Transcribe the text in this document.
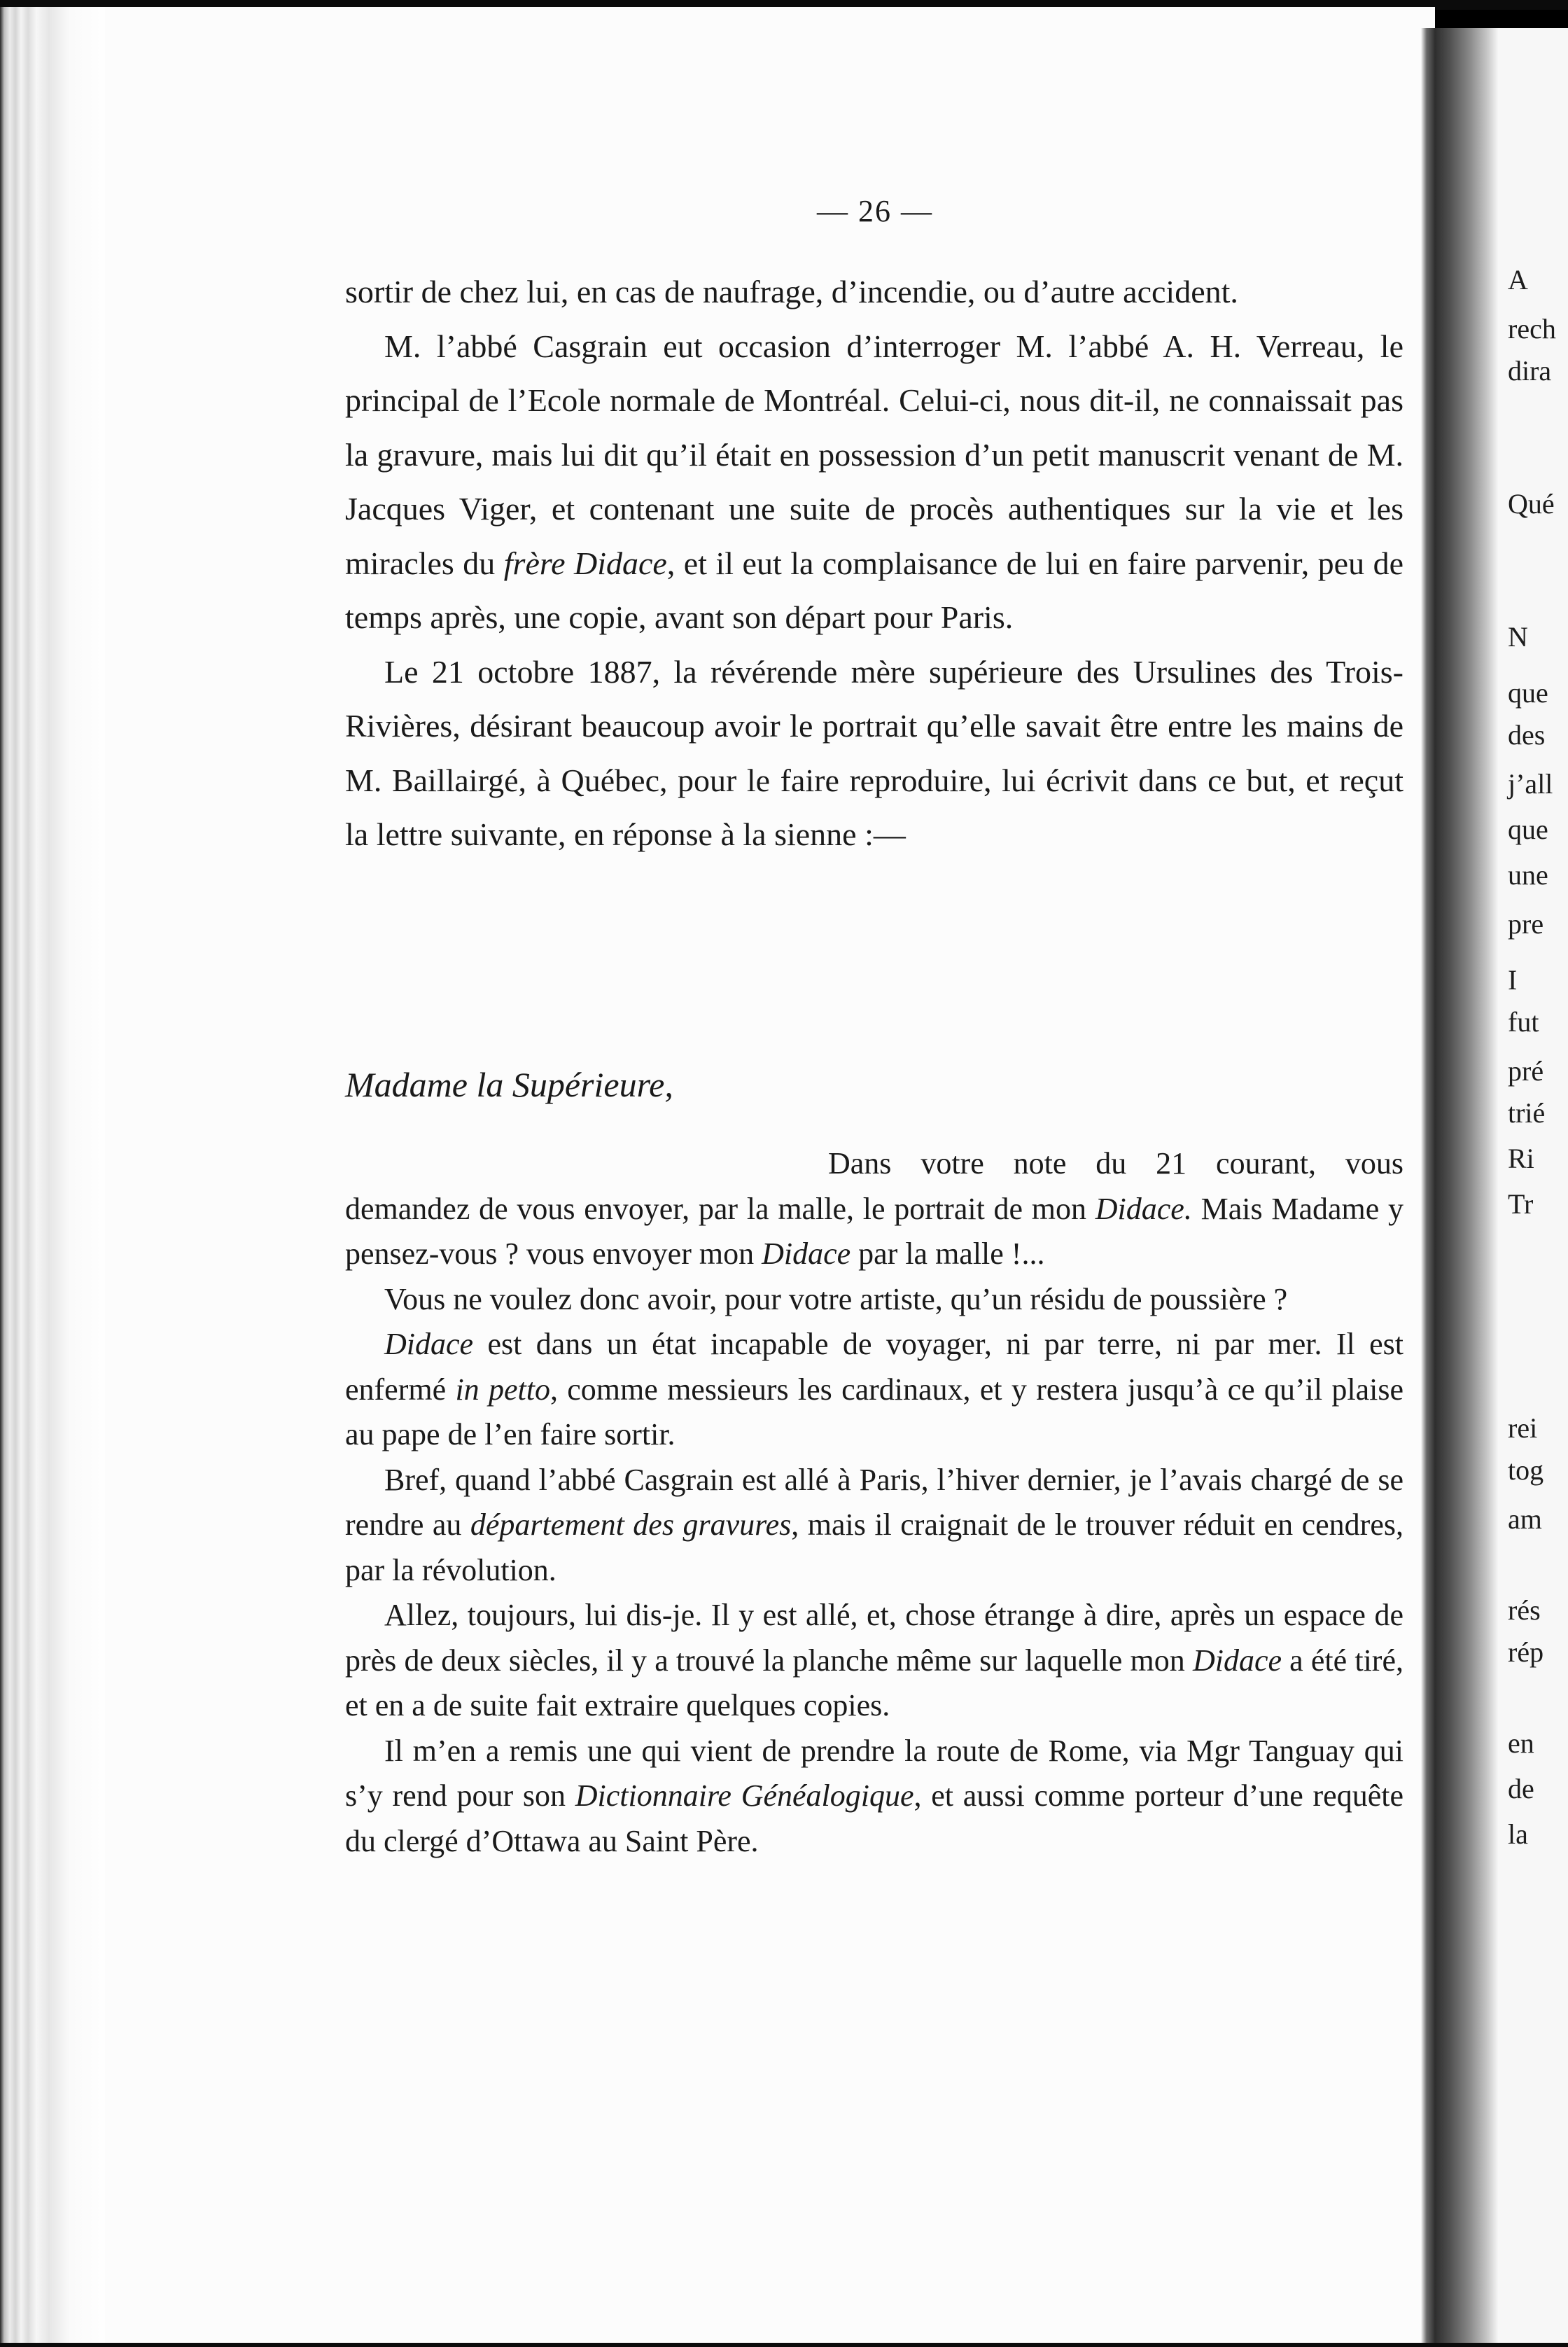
A
rech
dira
Qué
N
que
des
j’all
que
une
pre
I
fut
pré
trié
Ri
Tr
rei
tog
am
rés
rép
en
de
la
— 26 —

sortir de chez lui, en cas de naufrage, d’incendie, ou d’autre accident.

M. l’abbé Casgrain eut occasion d’interroger M. l’abbé A. H. Verreau, le principal de l’Ecole normale de Montréal. Celui-ci, nous dit-il, ne connaissait pas la gravure, mais lui dit qu’il était en possession d’un petit manuscrit venant de M. Jacques Viger, et contenant une suite de procès authentiques sur la vie et les miracles du frère Didace, et il eut la complaisance de lui en faire parvenir, peu de temps après, une copie, avant son départ pour Paris.

Le 21 octobre 1887, la révérende mère supérieure des Ursulines des Trois-Rivières, désirant beaucoup avoir le portrait qu’elle savait être entre les mains de M. Baillairgé, à Québec, pour le faire reproduire, lui écrivit dans ce but, et reçut la lettre suivante, en réponse à la sienne :—

Madame la Supérieure,

Dans votre note du 21 courant, vous demandez de vous envoyer, par la malle, le portrait de mon Didace. Mais Madame y pensez-vous ? vous envoyer mon Didace par la malle !...

Vous ne voulez donc avoir, pour votre artiste, qu’un résidu de poussière ?

Didace est dans un état incapable de voyager, ni par terre, ni par mer. Il est enfermé in petto, comme messieurs les cardinaux, et y restera jusqu’à ce qu’il plaise au pape de l’en faire sortir.

Bref, quand l’abbé Casgrain est allé à Paris, l’hiver dernier, je l’avais chargé de se rendre au département des gravures, mais il craignait de le trouver réduit en cendres, par la révolution.

Allez, toujours, lui dis-je. Il y est allé, et, chose étrange à dire, après un espace de près de deux siècles, il y a trouvé la planche même sur laquelle mon Didace a été tiré, et en a de suite fait extraire quelques copies.

Il m’en a remis une qui vient de prendre la route de Rome, via Mgr Tanguay qui s’y rend pour son Dictionnaire Généalogique, et aussi comme porteur d’une requête du clergé d’Ottawa au Saint Père.
